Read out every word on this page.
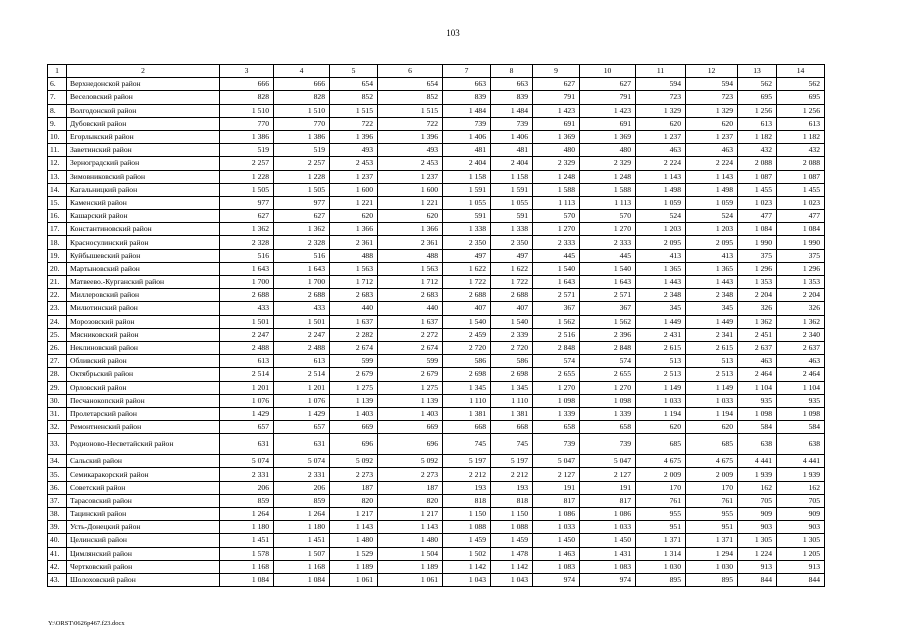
103
1	2	3	4	5	6	7	8	9	10	11	12	13	14
6.	Верхнедонской район	666	666	654	654	663	663	627	627	594	594	562	562
7.	Веселовский район	828	828	852	852	839	839	791	791	723	723	695	695
8.	Волгодонской район	1 510	1 510	1 515	1 515	1 484	1 484	1 423	1 423	1 329	1 329	1 256	1 256
9.	Дубовский район	770	770	722	722	739	739	691	691	620	620	613	613
10.	Егорлыкский район	1 386	1 386	1 396	1 396	1 406	1 406	1 369	1 369	1 237	1 237	1 182	1 182
11.	Заветинский район	519	519	493	493	481	481	480	480	463	463	432	432
12.	Зерноградский район	2 257	2 257	2 453	2 453	2 404	2 404	2 329	2 329	2 224	2 224	2 088	2 088
13.	Зимовниковский район	1 228	1 228	1 237	1 237	1 158	1 158	1 248	1 248	1 143	1 143	1 087	1 087
14.	Кагальницкий район	1 505	1 505	1 600	1 600	1 591	1 591	1 588	1 588	1 498	1 498	1 455	1 455
15.	Каменский район	977	977	1 221	1 221	1 055	1 055	1 113	1 113	1 059	1 059	1 023	1 023
16.	Кашарский район	627	627	620	620	591	591	570	570	524	524	477	477
17.	Константиновский район	1 362	1 362	1 366	1 366	1 338	1 338	1 270	1 270	1 203	1 203	1 084	1 084
18.	Красносулинский район	2 328	2 328	2 361	2 361	2 350	2 350	2 333	2 333	2 095	2 095	1 990	1 990
19.	Куйбышевский район	516	516	488	488	497	497	445	445	413	413	375	375
20.	Мартыновский район	1 643	1 643	1 563	1 563	1 622	1 622	1 540	1 540	1 365	1 365	1 296	1 296
21.	Матвеево.-Курганский район	1 700	1 700	1 712	1 712	1 722	1 722	1 643	1 643	1 443	1 443	1 353	1 353
22.	Миллеровский район	2 688	2 688	2 683	2 683	2 688	2 688	2 571	2 571	2 348	2 348	2 204	2 204
23.	Милютинский район	433	433	440	440	407	407	367	367	345	345	326	326
24.	Морозовский район	1 501	1 501	1 637	1 637	1 540	1 540	1 562	1 562	1 449	1 449	1 362	1 362
25.	Мясниковский район	2 247	2 247	2 282	2 272	2 459	2 339	2 516	2 396	2 431	2 341	2 451	2 340
26.	Неклиновский район	2 488	2 488	2 674	2 674	2 720	2 720	2 848	2 848	2 615	2 615	2 637	2 637
27.	Обливский район	613	613	599	599	586	586	574	574	513	513	463	463
28.	Октябрьский район	2 514	2 514	2 679	2 679	2 698	2 698	2 655	2 655	2 513	2 513	2 464	2 464
29.	Орловский район	1 201	1 201	1 275	1 275	1 345	1 345	1 270	1 270	1 149	1 149	1 104	1 104
30.	Песчанокопский район	1 076	1 076	1 139	1 139	1 110	1 110	1 098	1 098	1 033	1 033	935	935
31.	Пролетарский район	1 429	1 429	1 403	1 403	1 381	1 381	1 339	1 339	1 194	1 194	1 098	1 098
32.	Ремонтненский район	657	657	669	669	668	668	658	658	620	620	584	584
33.	Родионово-Несветайский район	631	631	696	696	745	745	739	739	685	685	638	638
34.	Сальский район	5 074	5 074	5 092	5 092	5 197	5 197	5 047	5 047	4 675	4 675	4 441	4 441
35.	Семикаракорский район	2 331	2 331	2 273	2 273	2 212	2 212	2 127	2 127	2 009	2 009	1 939	1 939
36.	Советский район	206	206	187	187	193	193	191	191	170	170	162	162
37.	Тарасовский район	859	859	820	820	818	818	817	817	761	761	705	705
38.	Тацинский район	1 264	1 264	1 217	1 217	1 150	1 150	1 086	1 086	955	955	909	909
39.	Усть-Донецкий район	1 180	1 180	1 143	1 143	1 088	1 088	1 033	1 033	951	951	903	903
40.	Целинский район	1 451	1 451	1 480	1 480	1 459	1 459	1 450	1 450	1 371	1 371	1 305	1 305
41.	Цимлянский район	1 578	1 507	1 529	1 504	1 502	1 478	1 463	1 431	1 314	1 294	1 224	1 205
42.	Чертковский район	1 168	1 168	1 189	1 189	1 142	1 142	1 083	1 083	1 030	1 030	913	913
43.	Шолоховский район	1 084	1 084	1 061	1 061	1 043	1 043	974	974	895	895	844	844
Y:\ORST\0626p467.f23.docx
